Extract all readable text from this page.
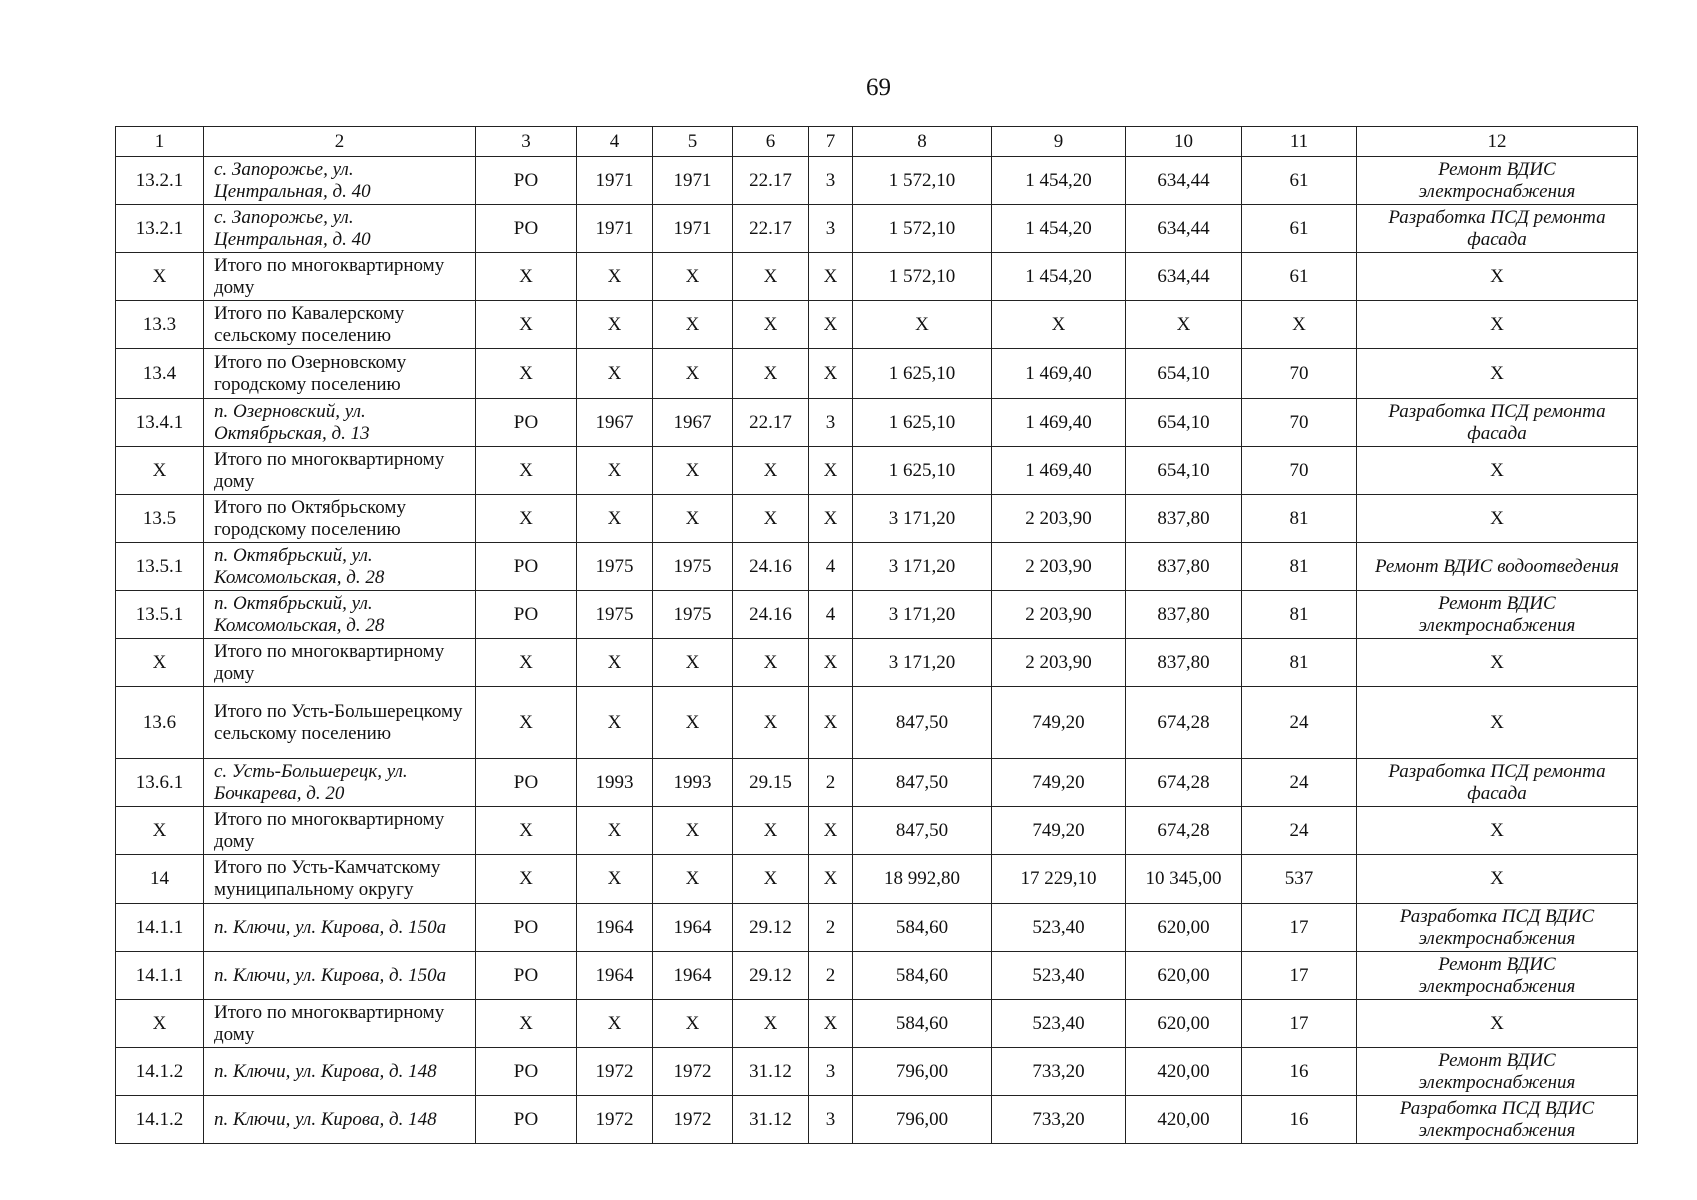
69
1	2	3	4	5	6	7	8	9	10	11	12
13.2.1	с. Запорожье, ул. Центральная, д. 40	РО	1971	1971	22.17	3	1 572,10	1 454,20	634,44	61	Ремонт ВДИС электроснабжения
13.2.1	с. Запорожье, ул. Центральная, д. 40	РО	1971	1971	22.17	3	1 572,10	1 454,20	634,44	61	Разработка ПСД ремонта фасада
Х	Итого по многоквартирному дому	Х	Х	Х	Х	Х	1 572,10	1 454,20	634,44	61	Х
13.3	Итого по Кавалерскому сельскому поселению	Х	Х	Х	Х	Х	Х	Х	Х	Х	Х
13.4	Итого по Озерновскому городскому поселению	Х	Х	Х	Х	Х	1 625,10	1 469,40	654,10	70	Х
13.4.1	п. Озерновский, ул. Октябрьская, д. 13	РО	1967	1967	22.17	3	1 625,10	1 469,40	654,10	70	Разработка ПСД ремонта фасада
Х	Итого по многоквартирному дому	Х	Х	Х	Х	Х	1 625,10	1 469,40	654,10	70	Х
13.5	Итого по Октябрьскому городскому поселению	Х	Х	Х	Х	Х	3 171,20	2 203,90	837,80	81	Х
13.5.1	п. Октябрьский, ул. Комсомольская, д. 28	РО	1975	1975	24.16	4	3 171,20	2 203,90	837,80	81	Ремонт ВДИС водоотведения
13.5.1	п. Октябрьский, ул. Комсомольская, д. 28	РО	1975	1975	24.16	4	3 171,20	2 203,90	837,80	81	Ремонт ВДИС электроснабжения
Х	Итого по многоквартирному дому	Х	Х	Х	Х	Х	3 171,20	2 203,90	837,80	81	Х
13.6	Итого по Усть-Большерецкому сельскому поселению	Х	Х	Х	Х	Х	847,50	749,20	674,28	24	Х
13.6.1	с. Усть-Большерецк, ул. Бочкарева, д. 20	РО	1993	1993	29.15	2	847,50	749,20	674,28	24	Разработка ПСД ремонта фасада
Х	Итого по многоквартирному дому	Х	Х	Х	Х	Х	847,50	749,20	674,28	24	Х
14	Итого по Усть-Камчатскому муниципальному округу	Х	Х	Х	Х	Х	18 992,80	17 229,10	10 345,00	537	Х
14.1.1	п. Ключи, ул. Кирова, д. 150а	РО	1964	1964	29.12	2	584,60	523,40	620,00	17	Разработка ПСД ВДИС электроснабжения
14.1.1	п. Ключи, ул. Кирова, д. 150а	РО	1964	1964	29.12	2	584,60	523,40	620,00	17	Ремонт ВДИС электроснабжения
Х	Итого по многоквартирному дому	Х	Х	Х	Х	Х	584,60	523,40	620,00	17	Х
14.1.2	п. Ключи, ул. Кирова, д. 148	РО	1972	1972	31.12	3	796,00	733,20	420,00	16	Ремонт ВДИС электроснабжения
14.1.2	п. Ключи, ул. Кирова, д. 148	РО	1972	1972	31.12	3	796,00	733,20	420,00	16	Разработка ПСД ВДИС электроснабжения
